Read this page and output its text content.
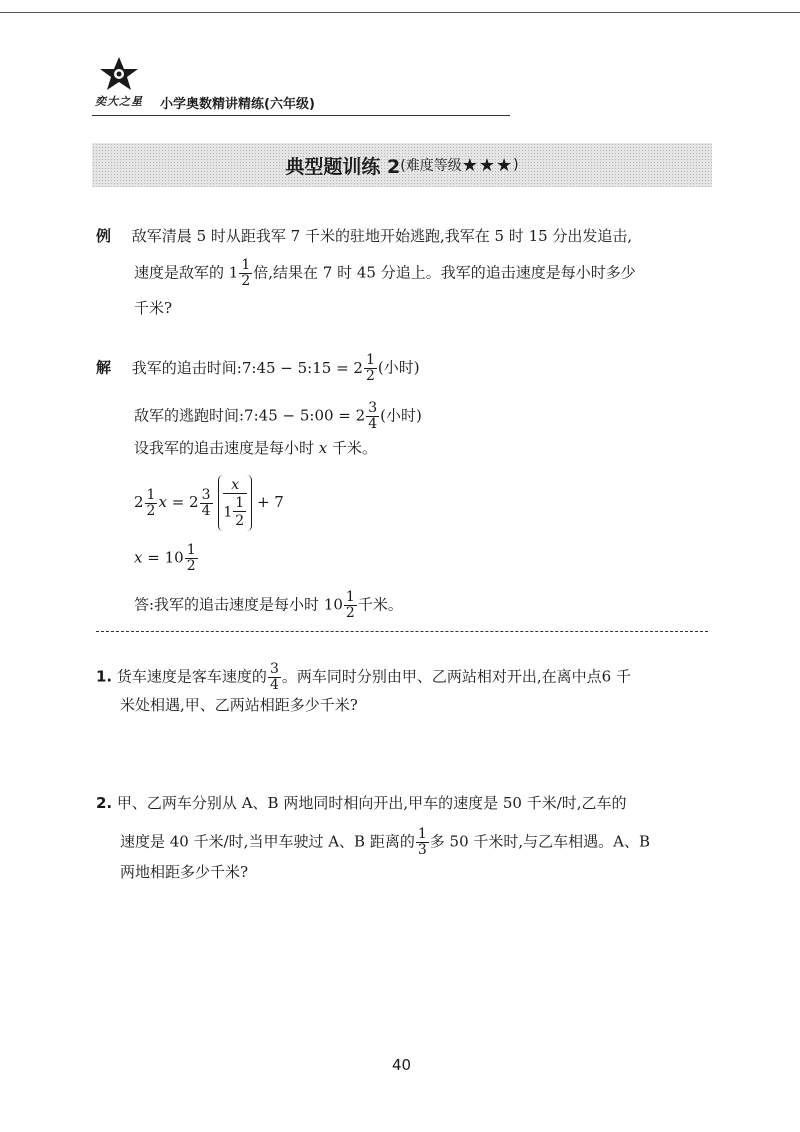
奕大之星 小学奥数精讲精练(六年级)
典型题训练 2 (难度等级 ★★★ )
例 敌军清晨 5 时从距我军 7 千米的驻地开始逃跑,我军在 5 时 15 分出发追击,
速度是敌军的 $1 \frac{1}{2}$ 倍,结果在 7 时 45 分追上。我军的追击速度是每小时多少
千米?
解 我军的追击时间:7:45 − 5:15 = $2 \frac{1}{2}$ (小时)
敌军的逃跑时间:7:45 − 5:00 = $2 \frac{3}{4}$ (小时)
设我军的追击速度是每小时 x 千米。
$2 \frac{1}{2}$ $x = 2 \frac{3}{4}$
$\frac{x}{1 \frac{1}{2}} + 7$
$x = 10 \frac{1}{2}$
答:我军的追击速度是每小时 $10 \frac{1}{2}$ 千米。
1. 货车速度是客车速度的 $\frac{3}{4}$ 。两车同时分别由甲、乙两站相对开出,在离中点6 千
米处相遇,甲、乙两站相距多少千米?
2. 甲、乙两车分别从 A、B 两地同时相向开出,甲车的速度是 50 千米/时,乙车的
速度是 40 千米/时,当甲车驶过 A、B 距离的 $\frac{1}{3}$ 多 50 千米时,与乙车相遇。A、B
两地相距多少千米?
40
